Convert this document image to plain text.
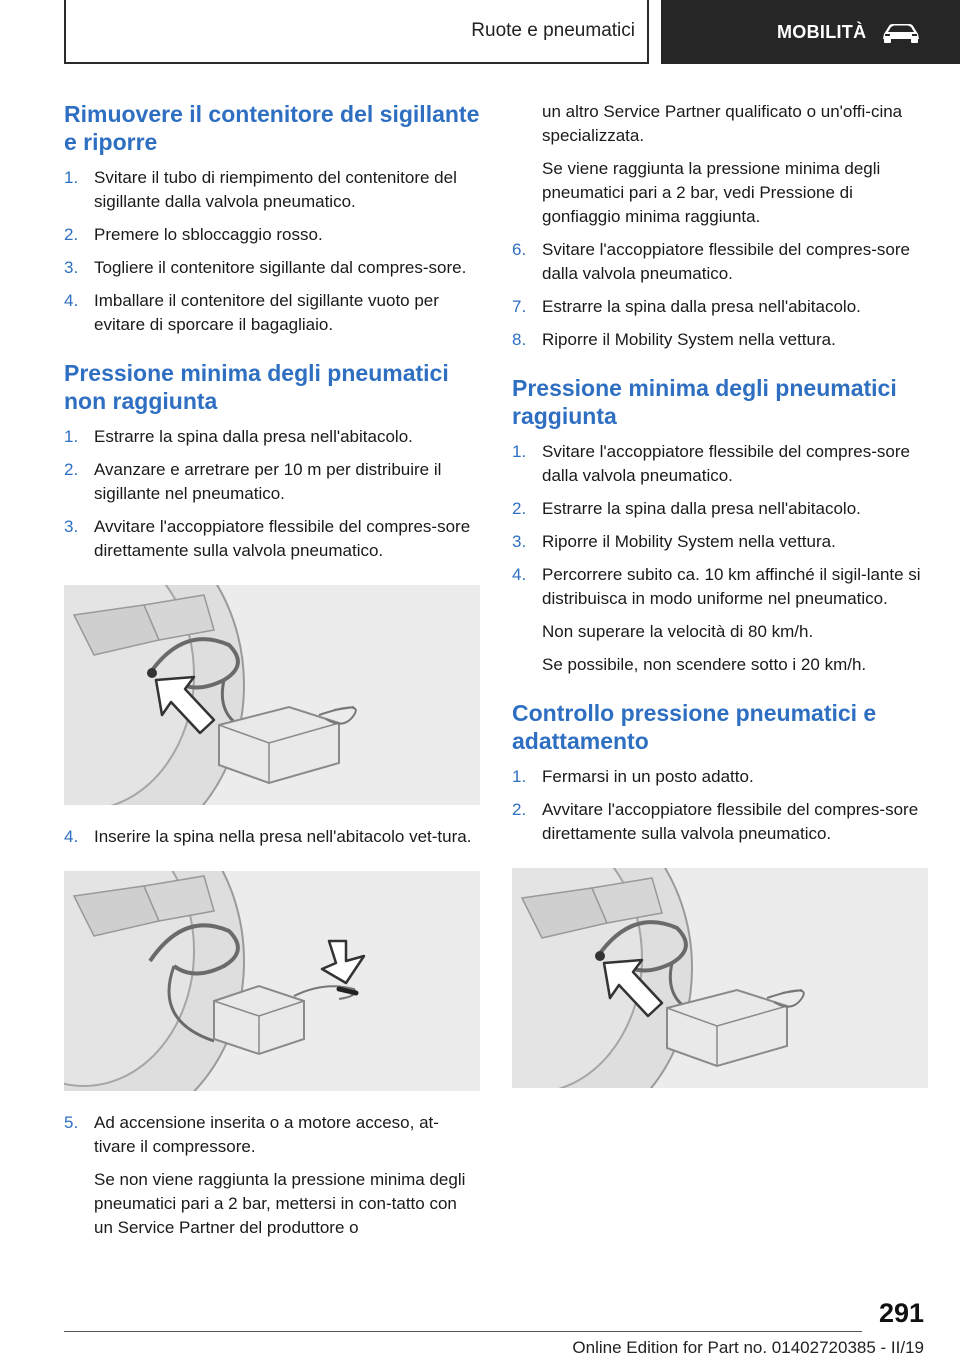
Ruote e pneumatici	MOBILITÀ
Rimuovere il contenitore del sigillante e riporre
1. Svitare il tubo di riempimento del contenitore del sigillante dalla valvola pneumatico.
2. Premere lo sbloccaggio rosso.
3. Togliere il contenitore sigillante dal compres‐sore.
4. Imballare il contenitore del sigillante vuoto per evitare di sporcare il bagagliaio.
Pressione minima degli pneumatici non raggiunta
1. Estrarre la spina dalla presa nell'abitacolo.
2. Avanzare e arretrare per 10 m per distribuire il sigillante nel pneumatico.
3. Avvitare l'accoppiatore flessibile del compres‐sore direttamente sulla valvola pneumatico.
4. Inserire la spina nella presa nell'abitacolo vet‐tura.
5. Ad accensione inserita o a motore acceso, at‐tivare il compressore.

Se non viene raggiunta la pressione minima degli pneumatici pari a 2 bar, mettersi in con‐tatto con un Service Partner del produttore o

un altro Service Partner qualificato o un'offi‐cina specializzata.

Se viene raggiunta la pressione minima degli pneumatici pari a 2 bar, vedi Pressione di gonfiaggio minima raggiunta.

6. Svitare l'accoppiatore flessibile del compres‐sore dalla valvola pneumatico.
7. Estrarre la spina dalla presa nell'abitacolo.
8. Riporre il Mobility System nella vettura.
Pressione minima degli pneumatici raggiunta
1. Svitare l'accoppiatore flessibile del compres‐sore dalla valvola pneumatico.
2. Estrarre la spina dalla presa nell'abitacolo.
3. Riporre il Mobility System nella vettura.
4. Percorrere subito ca. 10 km affinché il sigil‐lante si distribuisca in modo uniforme nel pneumatico.

Non superare la velocità di 80 km/h.

Se possibile, non scendere sotto i 20 km/h.

Controllo pressione pneumatici e adattamento
1. Fermarsi in un posto adatto.
2. Avvitare l'accoppiatore flessibile del compres‐sore direttamente sulla valvola pneumatico.
291
Online Edition for Part no. 01402720385 - II/19
